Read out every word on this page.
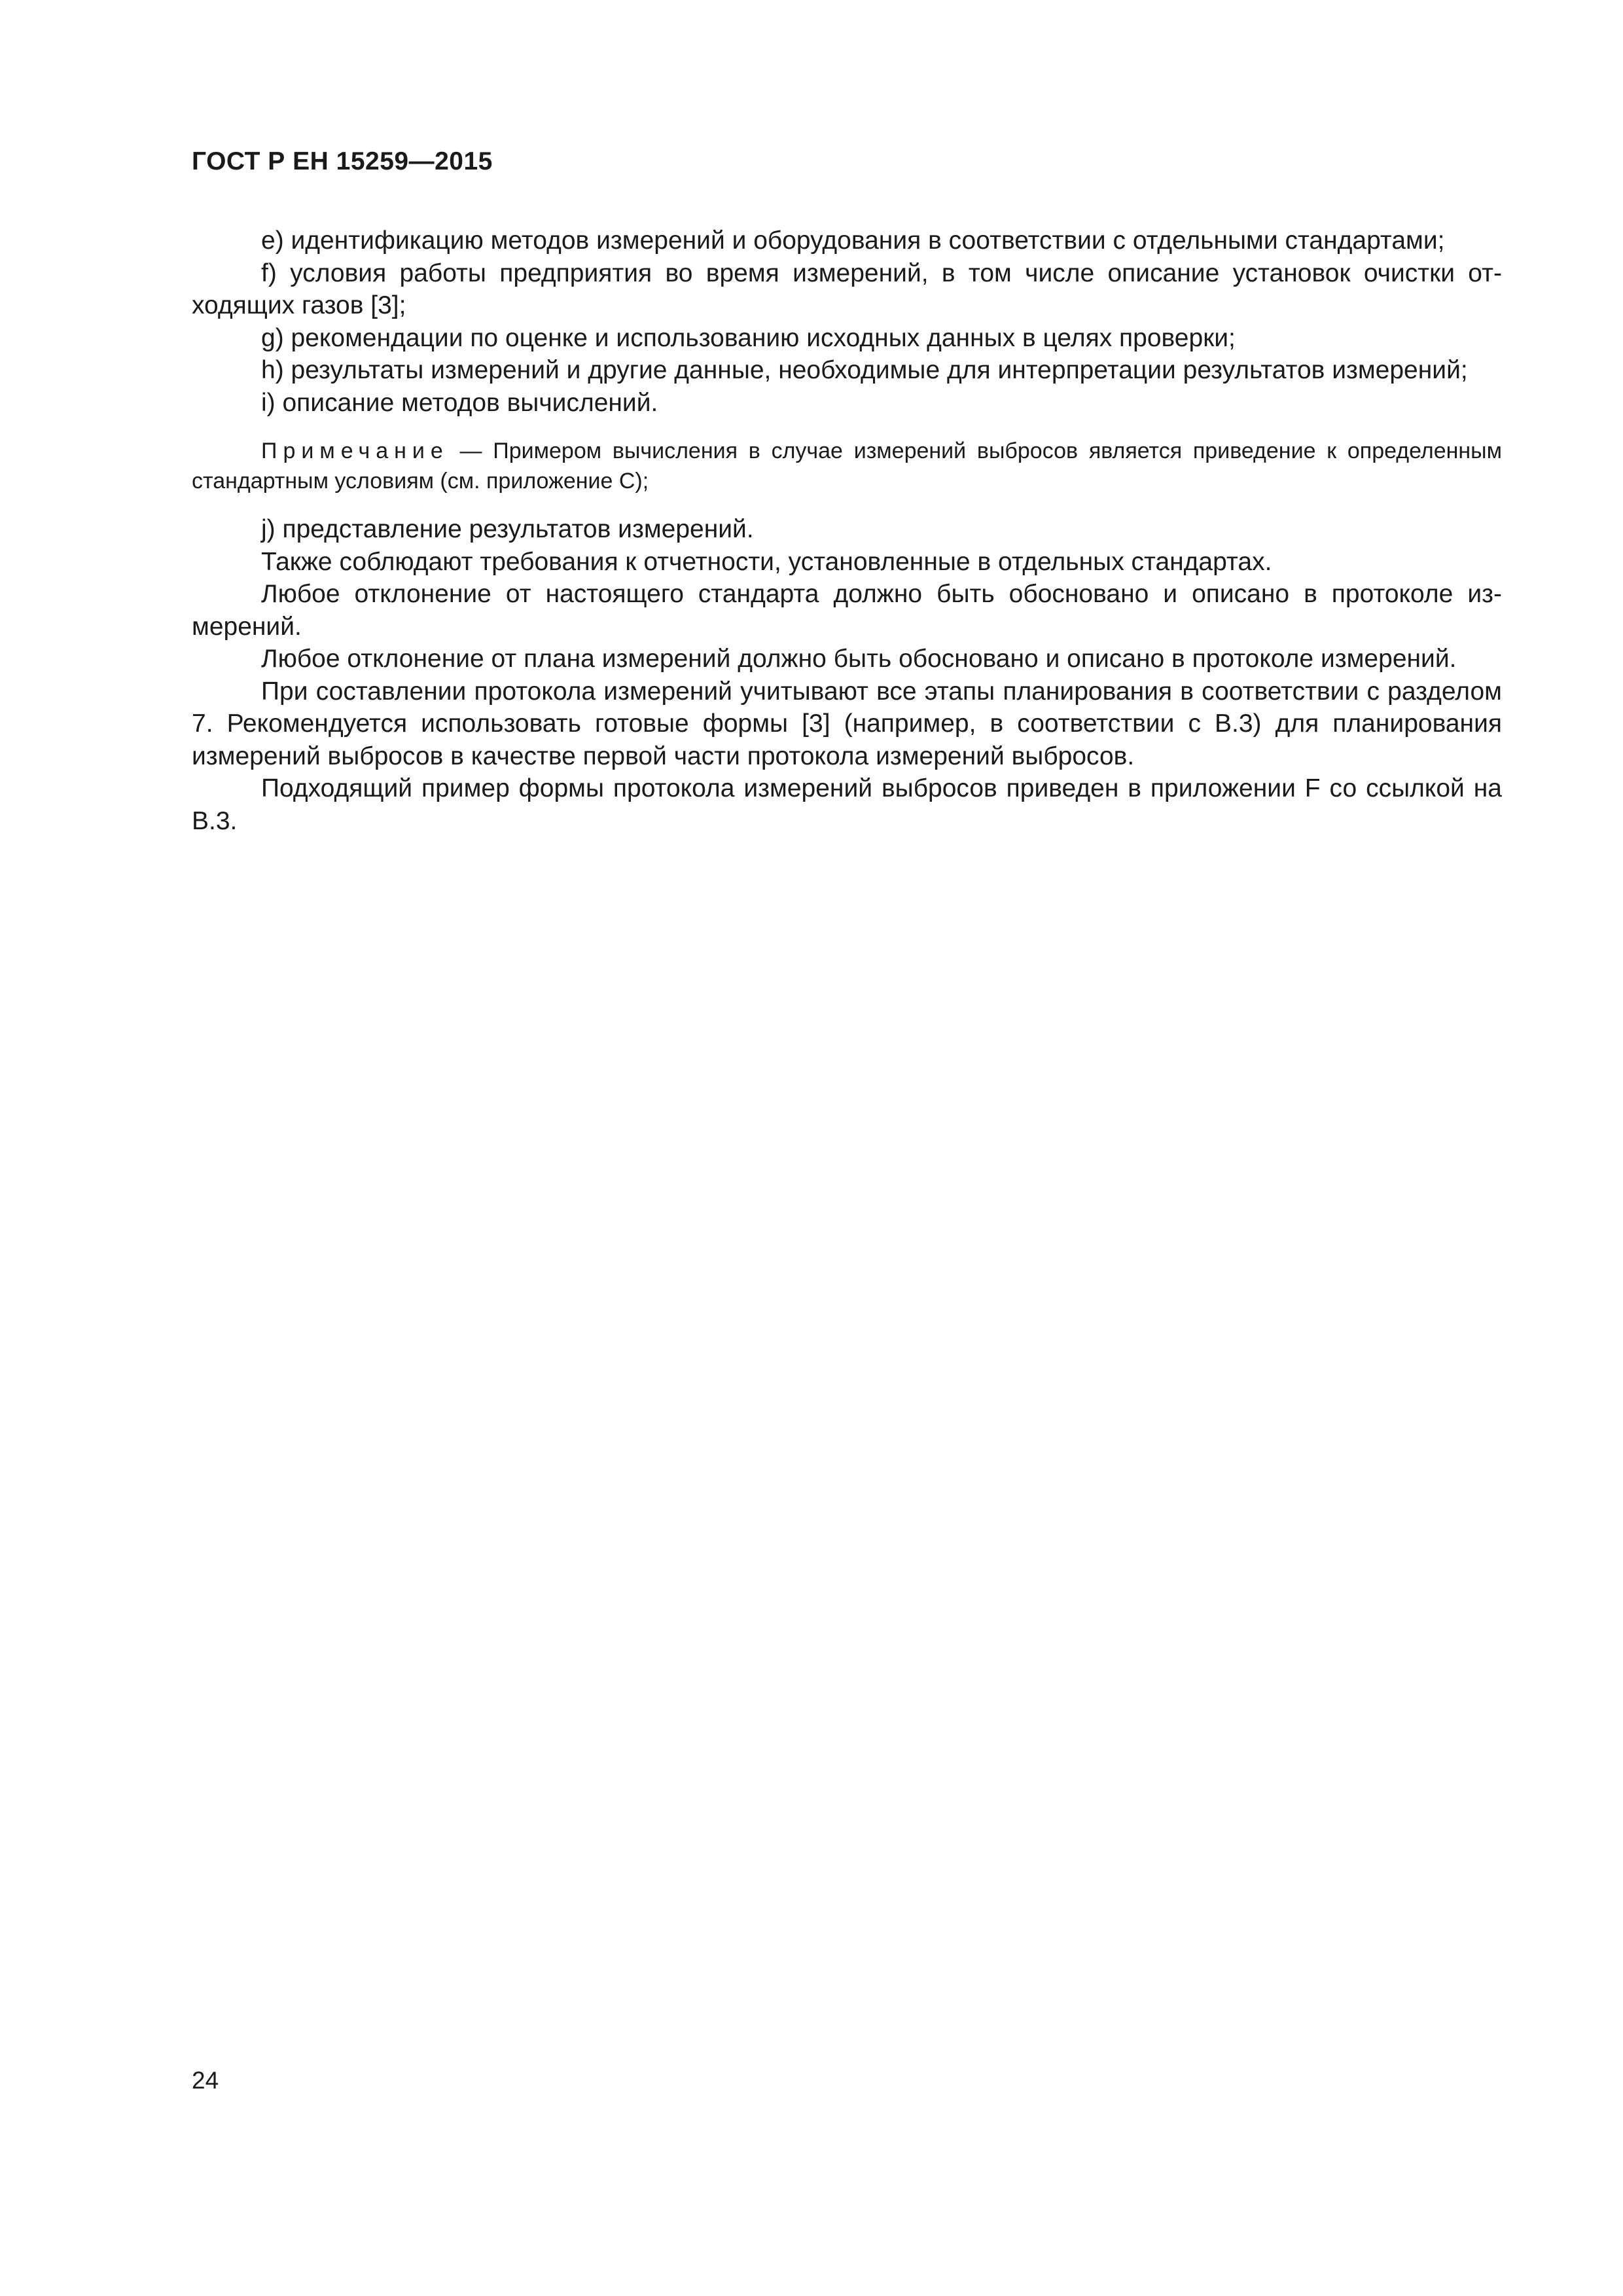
ГОСТ Р ЕН 15259—2015

е) идентификацию методов измерений и оборудования в соответствии с отдельными стандартами;

f) условия работы предприятия во время измерений, в том числе описание установок очистки отходящих газов [3];

g) рекомендации по оценке и использованию исходных данных в целях проверки;

h) результаты измерений и другие данные, необходимые для интерпретации результатов измерений;

i) описание методов вычислений.

Примечание — Примером вычисления в случае измерений выбросов является приведение к определенным стандартным условиям (см. приложение С);

j) представление результатов измерений.

Также соблюдают требования к отчетности, установленные в отдельных стандартах.

Любое отклонение от настоящего стандарта должно быть обосновано и описано в протоколе измерений.

Любое отклонение от плана измерений должно быть обосновано и описано в протоколе измерений.

При составлении протокола измерений учитывают все этапы планирования в соответствии с разделом 7. Рекомендуется использовать готовые формы [3] (например, в соответствии с В.3) для планирования измерений выбросов в качестве первой части протокола измерений выбросов.

Подходящий пример формы протокола измерений выбросов приведен в приложении F со ссылкой на В.3.

24
